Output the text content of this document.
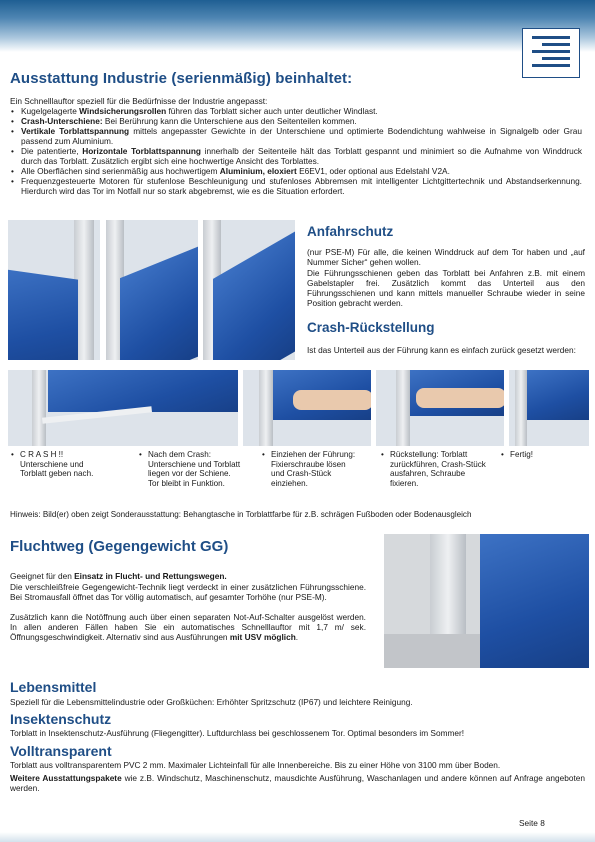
Ausstattung Industrie (serienmäßig) beinhaltet:
Ein Schnelllauftor speziell für die Bedürfnisse der Industrie angepasst:
• Kugelgelagerte Windsicherungsrollen führen das Torblatt sicher auch unter deutlicher Windlast.
• Crash-Unterschiene: Bei Berührung kann die Unterschiene aus den Seitenteilen kommen.
• Vertikale Torblattspannung mittels angepasster Gewichte in der Unterschiene und optimierte Bodendichtung wahlweise in Signalgelb oder Grau passend zum Aluminium.
• Die patentierte, Horizontale Torblattspannung innerhalb der Seitenteile hält das Torblatt gespannt und minimiert so die Aufnahme von Winddruck durch das Torblatt. Zusätzlich ergibt sich eine hochwertige Ansicht des Torblattes.
• Alle Oberflächen sind serienmäßig aus hochwertigem Aluminium, eloxiert E6EV1, oder optional aus Edelstahl V2A.
• Frequenzgesteuerte Motoren für stufenlose Beschleunigung und stufenloses Abbremsen mit intelligenter Lichtgittertechnik und Abstandserkennung. Hierdurch wird das Tor im Notfall nur so stark abgebremst, wie es die Situation erfordert.
Anfahrschutz
(nur PSE-M) Für alle, die keinen Winddruck auf dem Tor haben und „auf Nummer Sicher“ gehen wollen.
Die Führungsschienen geben das Torblatt bei Anfahren z.B. mit einem Gabelstapler frei. Zusätzlich kommt das Unterteil aus den Führungsschienen und kann mittels manueller Schraube wieder in seine Position gebracht werden.
Crash-Rückstellung
Ist das Unterteil aus der Führung kann es einfach zurück gesetzt werden:
• C R A S H !! Unterschiene und Torblatt geben nach.
• Nach dem Crash: Unterschiene und Torblatt liegen vor der Schiene. Tor bleibt in Funktion.
• Einziehen der Führung: Fixierschraube lösen und Crash-Stück einziehen.
• Rückstellung: Torblatt zurückführen, Crash-Stück ausfahren, Schraube fixieren.
• Fertig!
Hinweis: Bild(er) oben zeigt Sonderausstattung: Behangtasche in Torblattfarbe für z.B. schrägen Fußboden oder Bodenausgleich
Fluchtweg (Gegengewicht GG)
Geeignet für den Einsatz in Flucht- und Rettungswegen.
Die verschleißfreie Gegengewicht-Technik liegt verdeckt in einer zusätzlichen Führungsschiene. Bei Stromausfall öffnet das Tor völlig automatisch, auf gesamter Torhöhe (nur PSE-M).
Zusätzlich kann die Notöffnung auch über einen separaten Not-Auf-Schalter ausgelöst werden. In allen anderen Fällen haben Sie ein automatisches Schnelllauftor mit 1,7 m/ sek. Öffnungsgeschwindigkeit. Alternativ sind aus Ausführungen mit USV möglich.
Lebensmittel
Speziell für die Lebensmittelindustrie oder Großküchen: Erhöhter Spritzschutz (IP67) und leichtere Reinigung.
Insektenschutz
Torblatt in Insektenschutz-Ausführung (Fliegengitter). Luftdurchlass bei geschlossenem Tor. Optimal besonders im Sommer!
Volltransparent
Torblatt aus volltransparentem PVC 2 mm. Maximaler Lichteinfall für alle Innenbereiche. Bis zu einer Höhe von 3100 mm über Boden.
Weitere Ausstattungspakete wie z.B. Windschutz, Maschinenschutz, mausdichte Ausführung, Waschanlagen und andere können auf Anfrage angeboten werden.
Seite 8
